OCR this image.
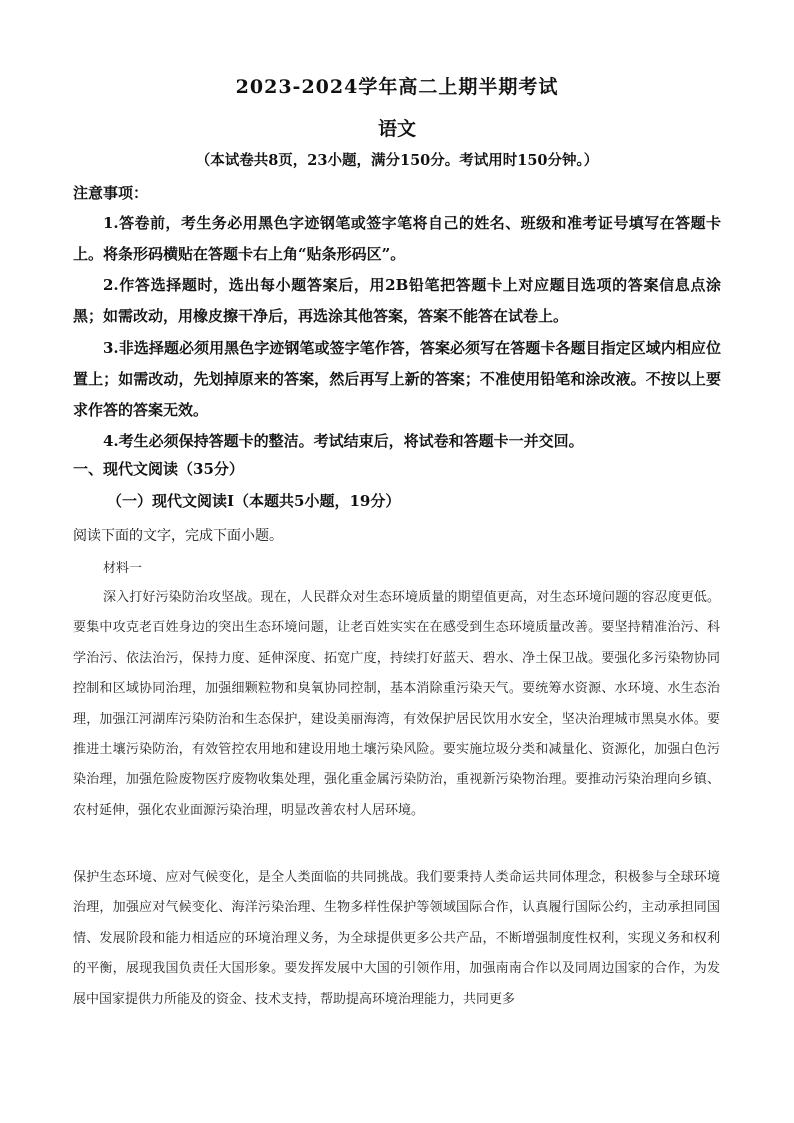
2023-2024学年高二上期半期考试
语文
（本试卷共8页，23小题，满分150分。考试用时150分钟。）
注意事项：
1.答卷前，考生务必用黑色字迹钢笔或签字笔将自己的姓名、班级和准考证号填写在答题卡上。将条形码横贴在答题卡右上角“贴条形码区”。
2.作答选择题时，选出每小题答案后，用2B铅笔把答题卡上对应题目选项的答案信息点涂黑；如需改动，用橡皮擦干净后，再选涂其他答案，答案不能答在试卷上。
3.非选择题必须用黑色字迹钢笔或签字笔作答，答案必须写在答题卡各题目指定区域内相应位置上；如需改动，先划掉原来的答案，然后再写上新的答案；不准使用铅笔和涂改液。不按以上要求作答的答案无效。
4.考生必须保持答题卡的整洁。考试结束后，将试卷和答题卡一并交回。
一、现代文阅读（35分）
（一）现代文阅读Ⅰ（本题共5小题，19分）
阅读下面的文字，完成下面小题。
材料一
深入打好污染防治攻坚战。现在，人民群众对生态环境质量的期望值更高，对生态环境问题的容忍度更低。要集中攻克老百姓身边的突出生态环境问题，让老百姓实实在在感受到生态环境质量改善。要坚持精准治污、科学治污、依法治污，保持力度、延伸深度、拓宽广度，持续打好蓝天、碧水、净土保卫战。要强化多污染物协同控制和区域协同治理，加强细颗粒物和臭氧协同控制，基本消除重污染天气。要统筹水资源、水环境、水生态治理，加强江河湖库污染防治和生态保护，建设美丽海湾，有效保护居民饮用水安全，坚决治理城市黑臭水体。要推进土壤污染防治，有效管控农用地和建设用地土壤污染风险。要实施垃圾分类和减量化、资源化，加强白色污染治理，加强危险废物医疗废物收集处理，强化重金属污染防治，重视新污染物治理。要推动污染治理向乡镇、农村延伸，强化农业面源污染治理，明显改善农村人居环境。
保护生态环境、应对气候变化，是全人类面临的共同挑战。我们要秉持人类命运共同体理念，积极参与全球环境治理，加强应对气候变化、海洋污染治理、生物多样性保护等领域国际合作，认真履行国际公约，主动承担同国情、发展阶段和能力相适应的环境治理义务，为全球提供更多公共产品，不断增强制度性权利，实现义务和权利的平衡，展现我国负责任大国形象。要发挥发展中大国的引领作用，加强南南合作以及同周边国家的合作，为发展中国家提供力所能及的资金、技术支持，帮助提高环境治理能力，共同更多
